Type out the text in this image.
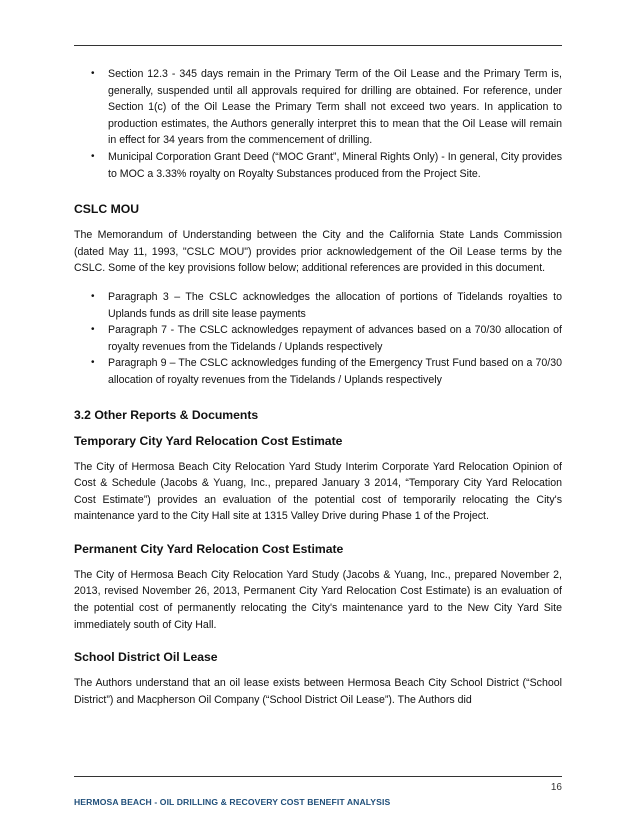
• Section 12.3 - 345 days remain in the Primary Term of the Oil Lease and the Primary Term is, generally, suspended until all approvals required for drilling are obtained. For reference, under Section 1(c) of the Oil Lease the Primary Term shall not exceed two years. In application to production estimates, the Authors generally interpret this to mean that the Oil Lease will remain in effect for 34 years from the commencement of drilling.
• Municipal Corporation Grant Deed (“MOC Grant”, Mineral Rights Only) - In general, City provides to MOC a 3.33% royalty on Royalty Substances produced from the Project Site.
CSLC MOU

The Memorandum of Understanding between the City and the California State Lands Commission (dated May 11, 1993, "CSLC MOU") provides prior acknowledgement of the Oil Lease terms by the CSLC. Some of the key provisions follow below; additional references are provided in this document.

• Paragraph 3 – The CSLC acknowledges the allocation of portions of Tidelands royalties to Uplands funds as drill site lease payments
• Paragraph 7 - The CSLC acknowledges repayment of advances based on a 70/30 allocation of royalty revenues from the Tidelands / Uplands respectively
• Paragraph 9 – The CSLC acknowledges funding of the Emergency Trust Fund based on a 70/30 allocation of royalty revenues from the Tidelands / Uplands respectively
3.2 Other Reports & Documents
Temporary City Yard Relocation Cost Estimate

The City of Hermosa Beach City Relocation Yard Study Interim Corporate Yard Relocation Opinion of Cost & Schedule (Jacobs & Yuang, Inc., prepared January 3 2014, “Temporary City Yard Relocation Cost Estimate”) provides an evaluation of the potential cost of temporarily relocating the City's maintenance yard to the City Hall site at 1315 Valley Drive during Phase 1 of the Project.

Permanent City Yard Relocation Cost Estimate

The City of Hermosa Beach City Relocation Yard Study (Jacobs & Yuang, Inc., prepared November 2, 2013, revised November 26, 2013, Permanent City Yard Relocation Cost Estimate) is an evaluation of the potential cost of permanently relocating the City's maintenance yard to the New City Yard Site immediately south of City Hall.

School District Oil Lease

The Authors understand that an oil lease exists between Hermosa Beach City School District (“School District”) and Macpherson Oil Company (“School District Oil Lease”). The Authors did

16
HERMOSA BEACH - OIL DRILLING & RECOVERY COST BENEFIT ANALYSIS
